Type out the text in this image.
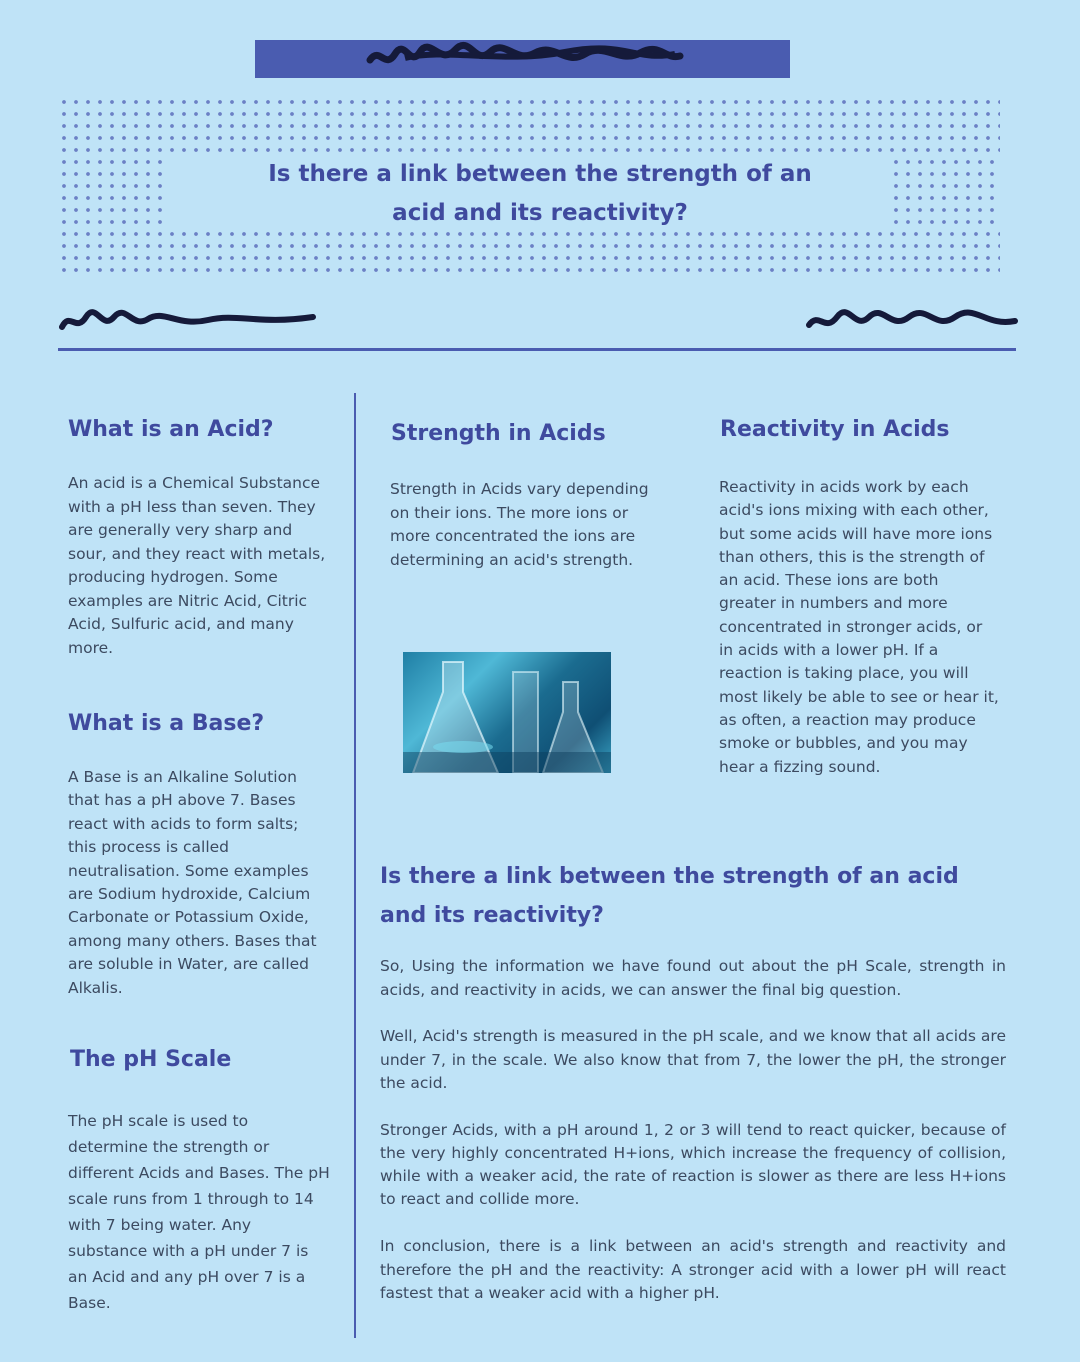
Is there a link between the strength of an acid and its reactivity?
What is an Acid?

An acid is a Chemical Substance with a pH less than seven. They are generally very sharp and sour, and they react with metals, producing hydrogen. Some examples are Nitric Acid, Citric Acid, Sulfuric acid, and many more.

What is a Base?

A Base is an Alkaline Solution that has a pH above 7. Bases react with acids to form salts; this process is called neutralisation. Some examples are Sodium hydroxide, Calcium Carbonate or Potassium Oxide, among many others. Bases that are soluble in Water, are called Alkalis.

The pH Scale

The pH scale is used to determine the strength or different Acids and Bases. The pH scale runs from 1 through to 14 with 7 being water. Any substance with a pH under 7 is an Acid and any pH over 7 is a Base.

Strength in Acids

Strength in Acids vary depending on their ions. The more ions or more concentrated the ions are determining an acid's strength.

Reactivity in Acids

Reactivity in acids work by each acid's ions mixing with each other, but some acids will have more ions than others, this is the strength of an acid. These ions are both greater in numbers and more concentrated in stronger acids, or in acids with a lower pH. If a reaction is taking place, you will most likely be able to see or hear it, as often, a reaction may produce smoke or bubbles, and you may hear a fizzing sound.

Is there a link between the strength of an acid and its reactivity?

So, Using the information we have found out about the pH Scale, strength in acids, and reactivity in acids, we can answer the final big question.

Well, Acid's strength is measured in the pH scale, and we know that all acids are under 7, in the scale. We also know that from 7, the lower the pH, the stronger the acid.

Stronger Acids, with a pH around 1, 2 or 3 will tend to react quicker, because of the very highly concentrated H+ions, which increase the frequency of collision, while with a weaker acid, the rate of reaction is slower as there are less H+ions to react and collide more.

In conclusion, there is a link between an acid's strength and reactivity and therefore the pH and the reactivity: A stronger acid with a lower pH will react fastest that a weaker acid with a higher pH.
